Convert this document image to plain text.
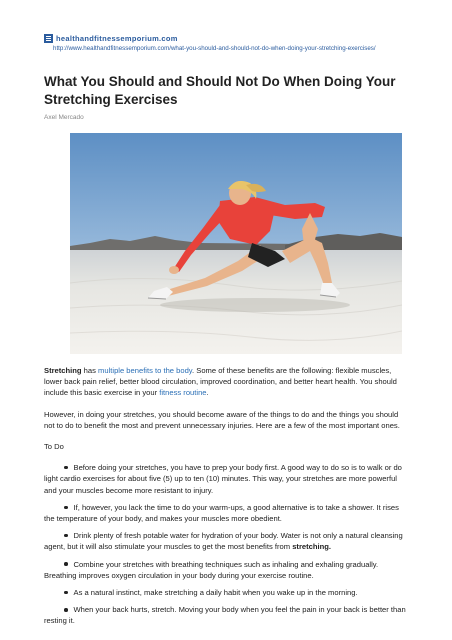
healthandfitnessemporium.com
http://www.healthandfitnessemporium.com/what-you-should-and-should-not-do-when-doing-your-stretching-exercises/
What You Should and Should Not Do When Doing Your
Stretching Exercises
Axel Mercado

Stretching has multiple benefits to the body. Some of these benefits are the following: flexible muscles, lower back pain relief, better blood circulation, improved coordination, and better heart health. You should include this basic exercise in your fitness routine.

However, in doing your stretches, you should become aware of the things to do and the things you should not to do to benefit the most and prevent unnecessary injuries. Here are a few of the most important ones.

To Do

Before doing your stretches, you have to prep your body first. A good way to do so is to walk or do light cardio exercises for about five (5) up to ten (10) minutes. This way, your stretches are more powerful and your muscles become more resistant to injury.
If, however, you lack the time to do your warm-ups, a good alternative is to take a shower. It rises the temperature of your body, and makes your muscles more obedient.
Drink plenty of fresh potable water for hydration of your body. Water is not only a natural cleansing agent, but it will also stimulate your muscles to get the most benefits from stretching.
Combine your stretches with breathing techniques such as inhaling and exhaling gradually. Breathing improves oxygen circulation in your body during your exercise routine.
As a natural instinct, make stretching a daily habit when you wake up in the morning.
When your back hurts, stretch. Moving your body when you feel the pain in your back is better than resting it.
